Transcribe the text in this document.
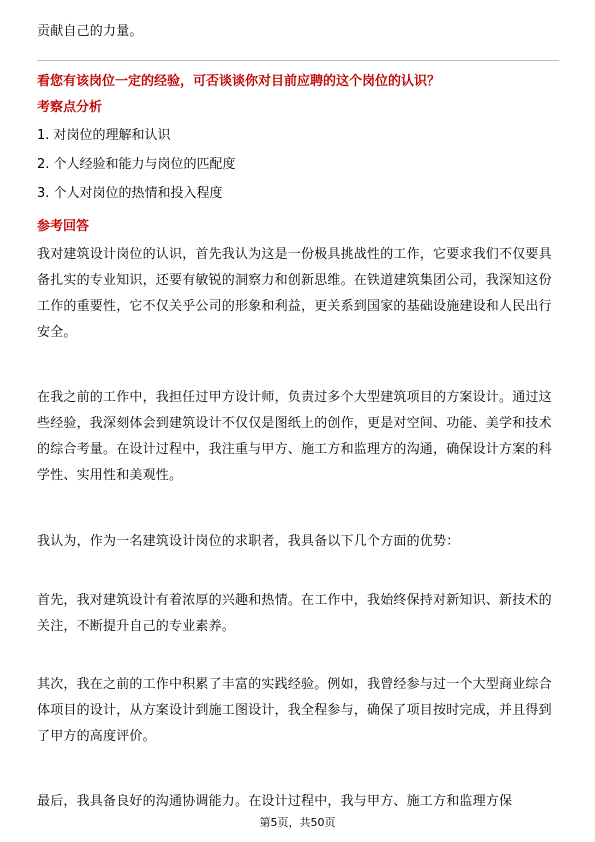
贡献自己的力量。
看您有该岗位一定的经验，可否谈谈你对目前应聘的这个岗位的认识？
考察点分析
1. 对岗位的理解和认识
2. 个人经验和能力与岗位的匹配度
3. 个人对岗位的热情和投入程度
参考回答
我对建筑设计岗位的认识，首先我认为这是一份极具挑战性的工作，它要求我们不仅要具备扎实的专业知识，还要有敏锐的洞察力和创新思维。在铁道建筑集团公司，我深知这份工作的重要性，它不仅关乎公司的形象和利益，更关系到国家的基础设施建设和人民出行安全。
在我之前的工作中，我担任过甲方设计师，负责过多个大型建筑项目的方案设计。通过这些经验，我深刻体会到建筑设计不仅仅是图纸上的创作，更是对空间、功能、美学和技术的综合考量。在设计过程中，我注重与甲方、施工方和监理方的沟通，确保设计方案的科学性、实用性和美观性。
我认为，作为一名建筑设计岗位的求职者，我具备以下几个方面的优势：
首先，我对建筑设计有着浓厚的兴趣和热情。在工作中，我始终保持对新知识、新技术的关注，不断提升自己的专业素养。
其次，我在之前的工作中积累了丰富的实践经验。例如，我曾经参与过一个大型商业综合体项目的设计，从方案设计到施工图设计，我全程参与，确保了项目按时完成，并且得到了甲方的高度评价。
最后，我具备良好的沟通协调能力。在设计过程中，我与甲方、施工方和监理方保
第5页，共50页
